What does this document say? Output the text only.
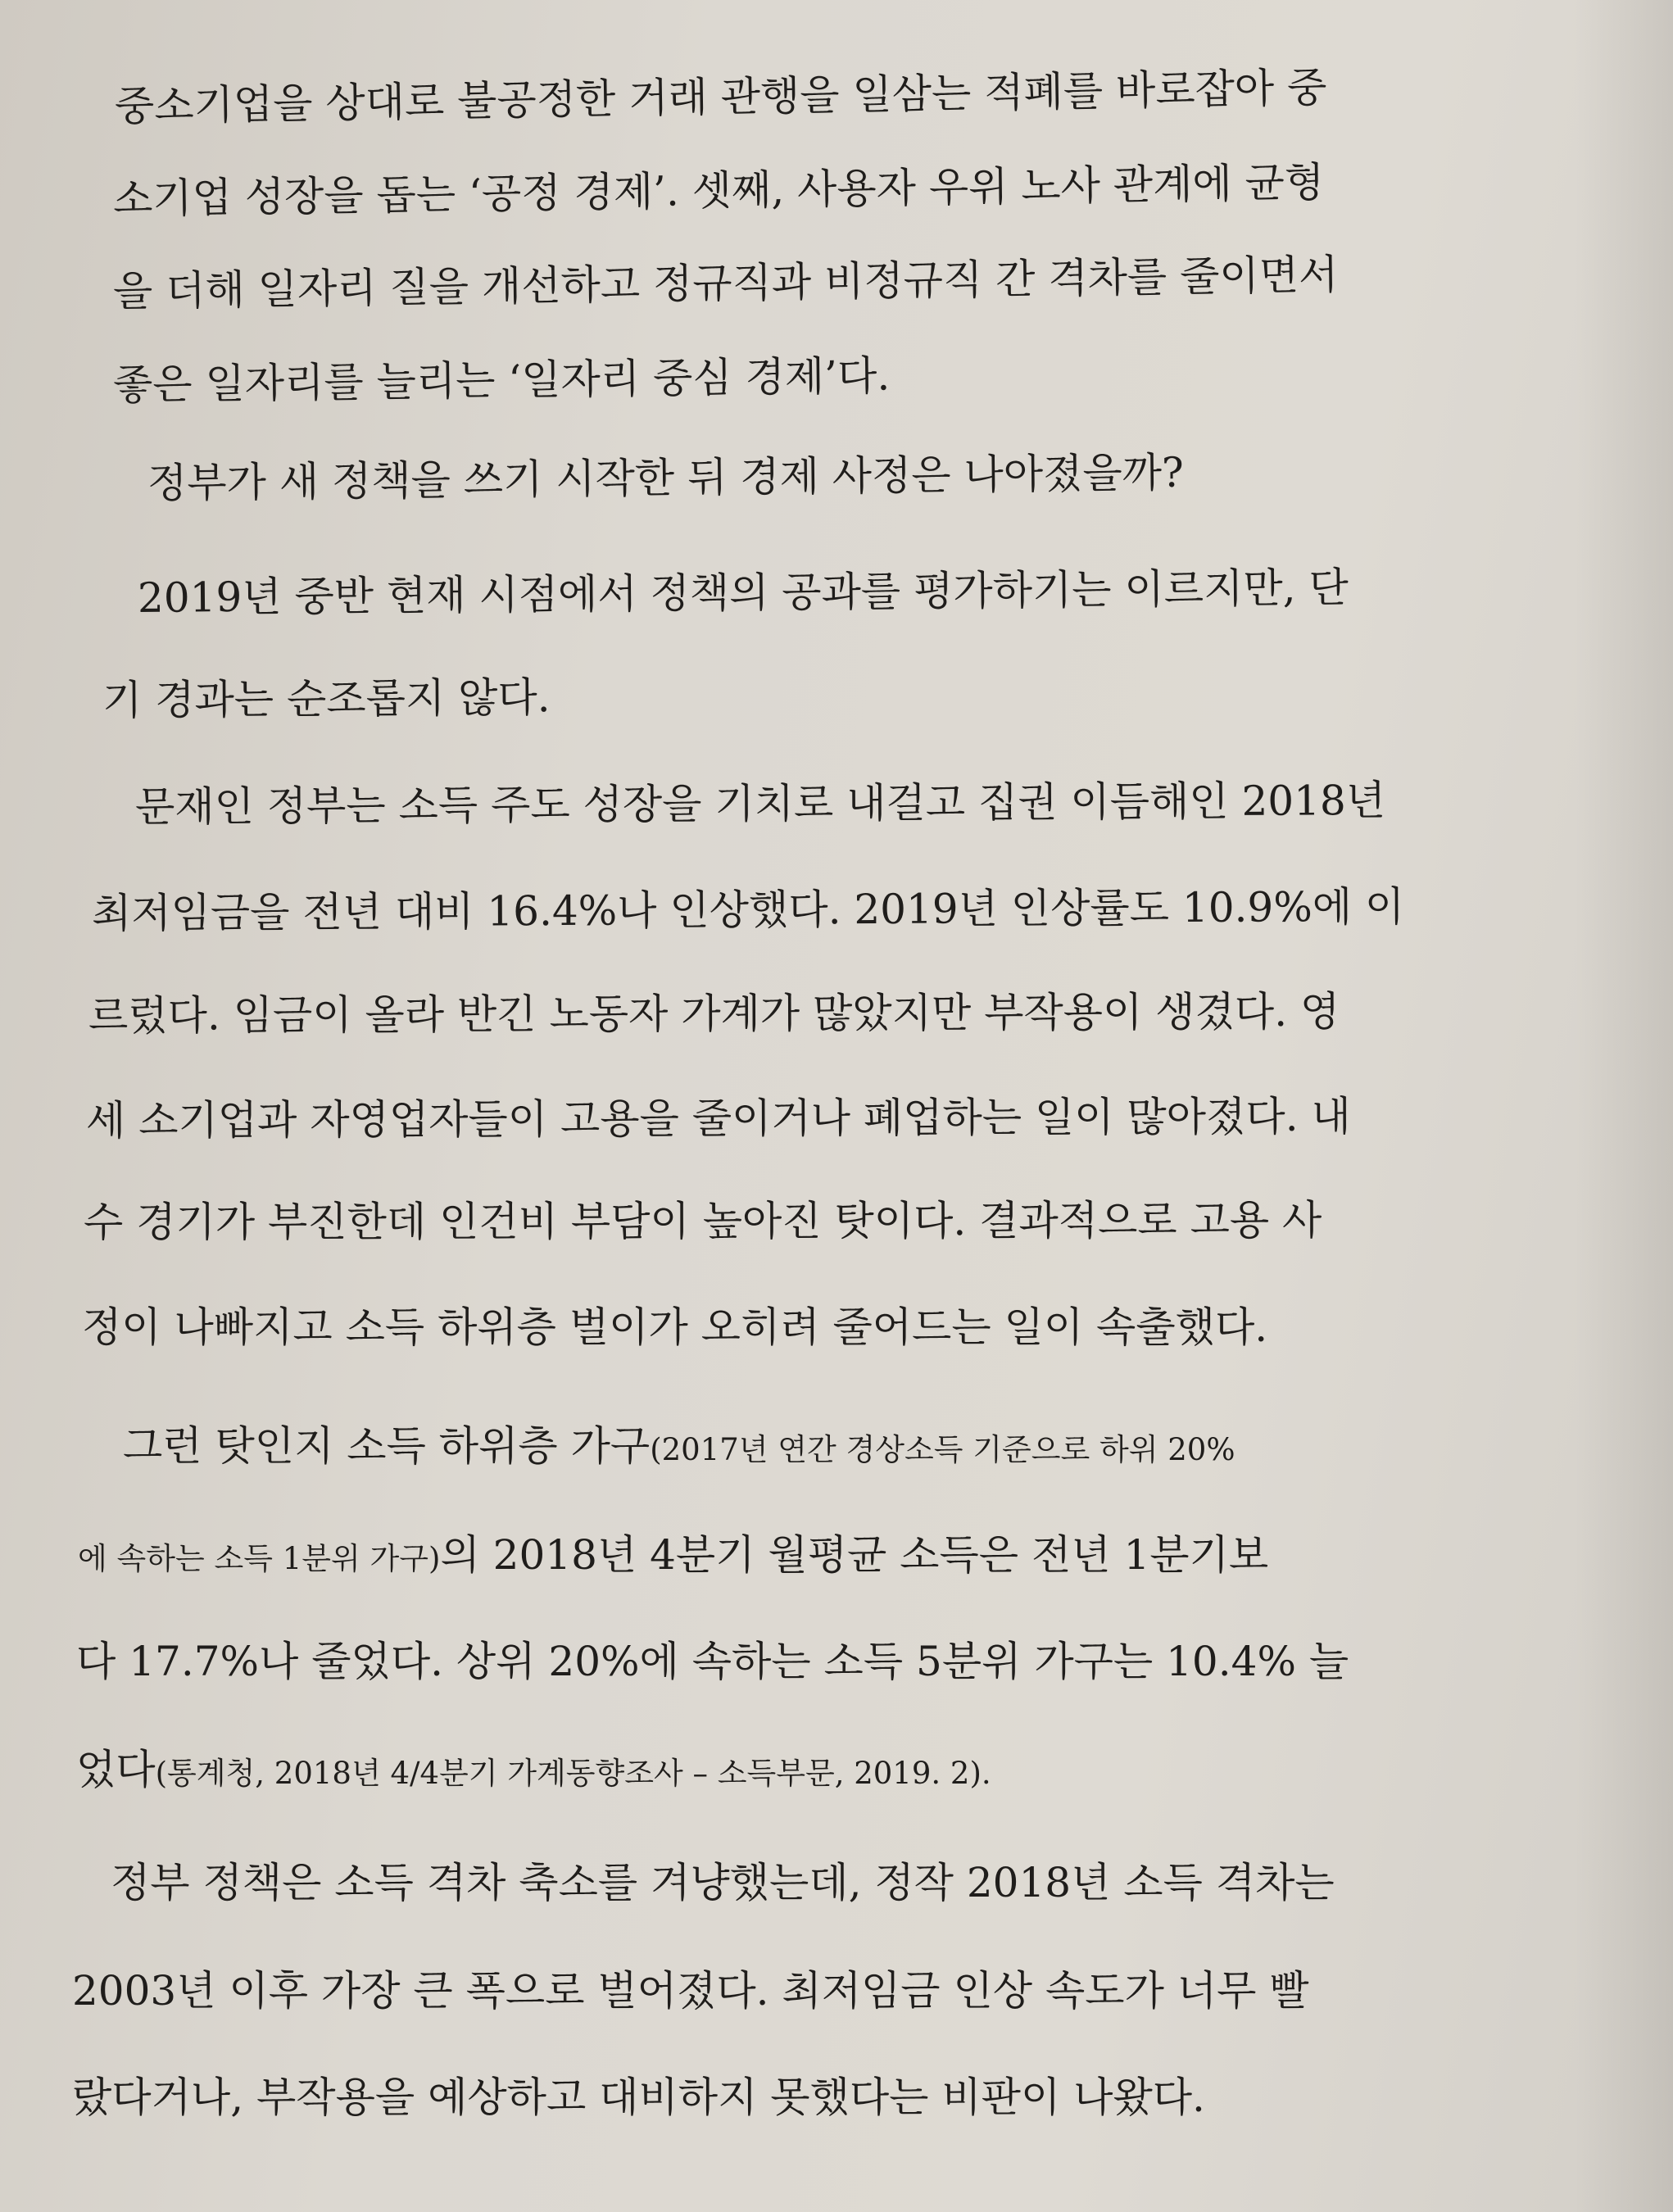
중소기업을 상대로 불공정한 거래 관행을 일삼는 적폐를 바로잡아 중

소기업 성장을 돕는 ‘공정 경제’. 셋째, 사용자 우위 노사 관계에 균형

을 더해 일자리 질을 개선하고 정규직과 비정규직 간 격차를 줄이면서

좋은 일자리를 늘리는 ‘일자리 중심 경제’다.

정부가 새 정책을 쓰기 시작한 뒤 경제 사정은 나아졌을까?

2019년 중반 현재 시점에서 정책의 공과를 평가하기는 이르지만, 단

기 경과는 순조롭지 않다.

문재인 정부는 소득 주도 성장을 기치로 내걸고 집권 이듬해인 2018년

최저임금을 전년 대비 16.4%나 인상했다. 2019년 인상률도 10.9%에 이

르렀다. 임금이 올라 반긴 노동자 가계가 많았지만 부작용이 생겼다. 영

세 소기업과 자영업자들이 고용을 줄이거나 폐업하는 일이 많아졌다. 내

수 경기가 부진한데 인건비 부담이 높아진 탓이다. 결과적으로 고용 사

정이 나빠지고 소득 하위층 벌이가 오히려 줄어드는 일이 속출했다.

그런 탓인지 소득 하위층 가구(2017년 연간 경상소득 기준으로 하위 20%

에 속하는 소득 1분위 가구)의 2018년 4분기 월평균 소득은 전년 1분기보

다 17.7%나 줄었다. 상위 20%에 속하는 소득 5분위 가구는 10.4% 늘

었다(통계청, 2018년 4/4분기 가계동향조사 – 소득부문, 2019. 2).

정부 정책은 소득 격차 축소를 겨냥했는데, 정작 2018년 소득 격차는

2003년 이후 가장 큰 폭으로 벌어졌다. 최저임금 인상 속도가 너무 빨

랐다거나, 부작용을 예상하고 대비하지 못했다는 비판이 나왔다.
